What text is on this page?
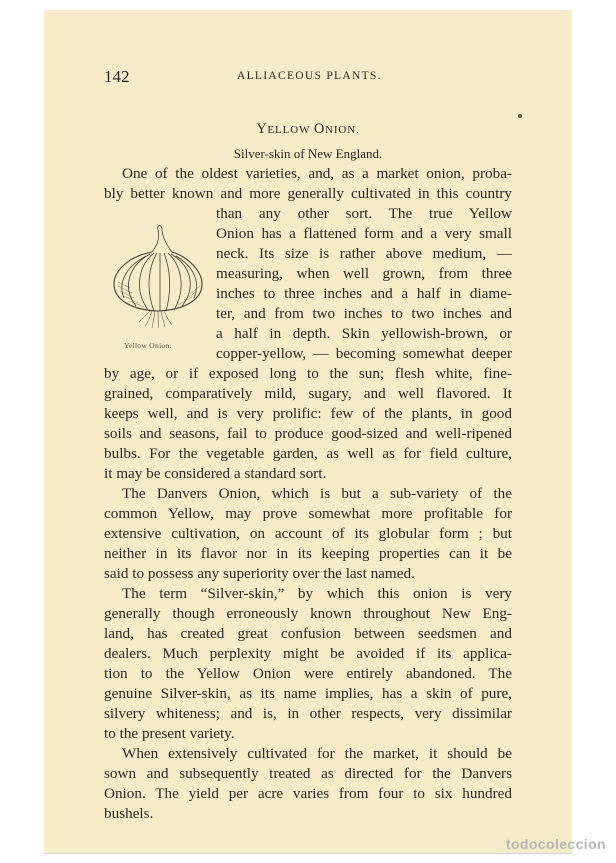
142	ALLIACEOUS PLANTS.
YELLOW ONION.
Silver-skin of New England.

One of the oldest varieties, and, as a market onion, proba-

bly better known and more generally cultivated in this country

than any other sort. The true Yellow

Onion has a flattened form and a very small

neck. Its size is rather above medium, —

measuring, when well grown, from three

inches to three inches and a half in diame-

ter, and from two inches to two inches and

a half in depth. Skin yellowish-brown, or

copper-yellow, — becoming somewhat deeper

by age, or if exposed long to the sun; flesh white, fine-

grained, comparatively mild, sugary, and well flavored. It

keeps well, and is very prolific: few of the plants, in good

soils and seasons, fail to produce good-sized and well-ripened

bulbs. For the vegetable garden, as well as for field culture,

it may be considered a standard sort.

The Danvers Onion, which is but a sub-variety of the

common Yellow, may prove somewhat more profitable for

extensive cultivation, on account of its globular form ; but

neither in its flavor nor in its keeping properties can it be

said to possess any superiority over the last named.

The term “Silver-skin,” by which this onion is very

generally though erroneously known throughout New Eng-

land, has created great confusion between seedsmen and

dealers. Much perplexity might be avoided if its applica-

tion to the Yellow Onion were entirely abandoned. The

genuine Silver-skin, as its name implies, has a skin of pure,

silvery whiteness; and is, in other respects, very dissimilar

to the present variety.

When extensively cultivated for the market, it should be

sown and subsequently treated as directed for the Danvers

Onion. The yield per acre varies from four to six hundred

bushels.

Yellow Onion.
todocoleccion
